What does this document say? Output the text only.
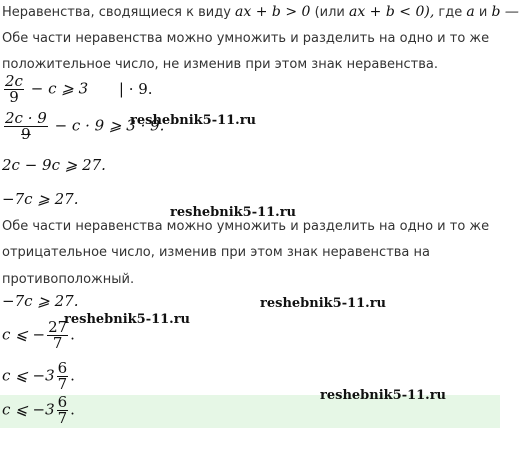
Неравенства, сводящиеся к виду ax + b > 0 (или ax + b < 0), где a и b —
Обе части неравенства можно умножить и разделить на одно и то же
положительное число, не изменив при этом знак неравенства.
$\frac{2c}{9} - c$ ⩾ 3 | · 9.
$\frac{2c \cdot 9}{9} - c \cdot 9$ ⩾ 3 · 9.
reshebnik5-11.ru
2c − 9c ⩾ 27.
−7c ⩾ 27.
reshebnik5-11.ru
Обе части неравенства можно умножить и разделить на одно и то же
отрицательное число, изменив при этом знак неравенства на
противоположный.
−7c ⩾ 27.	reshebnik5-11.ru
reshebnik5-11.ru
c ⩽ − $\frac{27}{7}$ .
c ⩽ $-3 \frac{6}{7}$ .
reshebnik5-11.ru
c ⩽ $-3 \frac{6}{7}$ .
